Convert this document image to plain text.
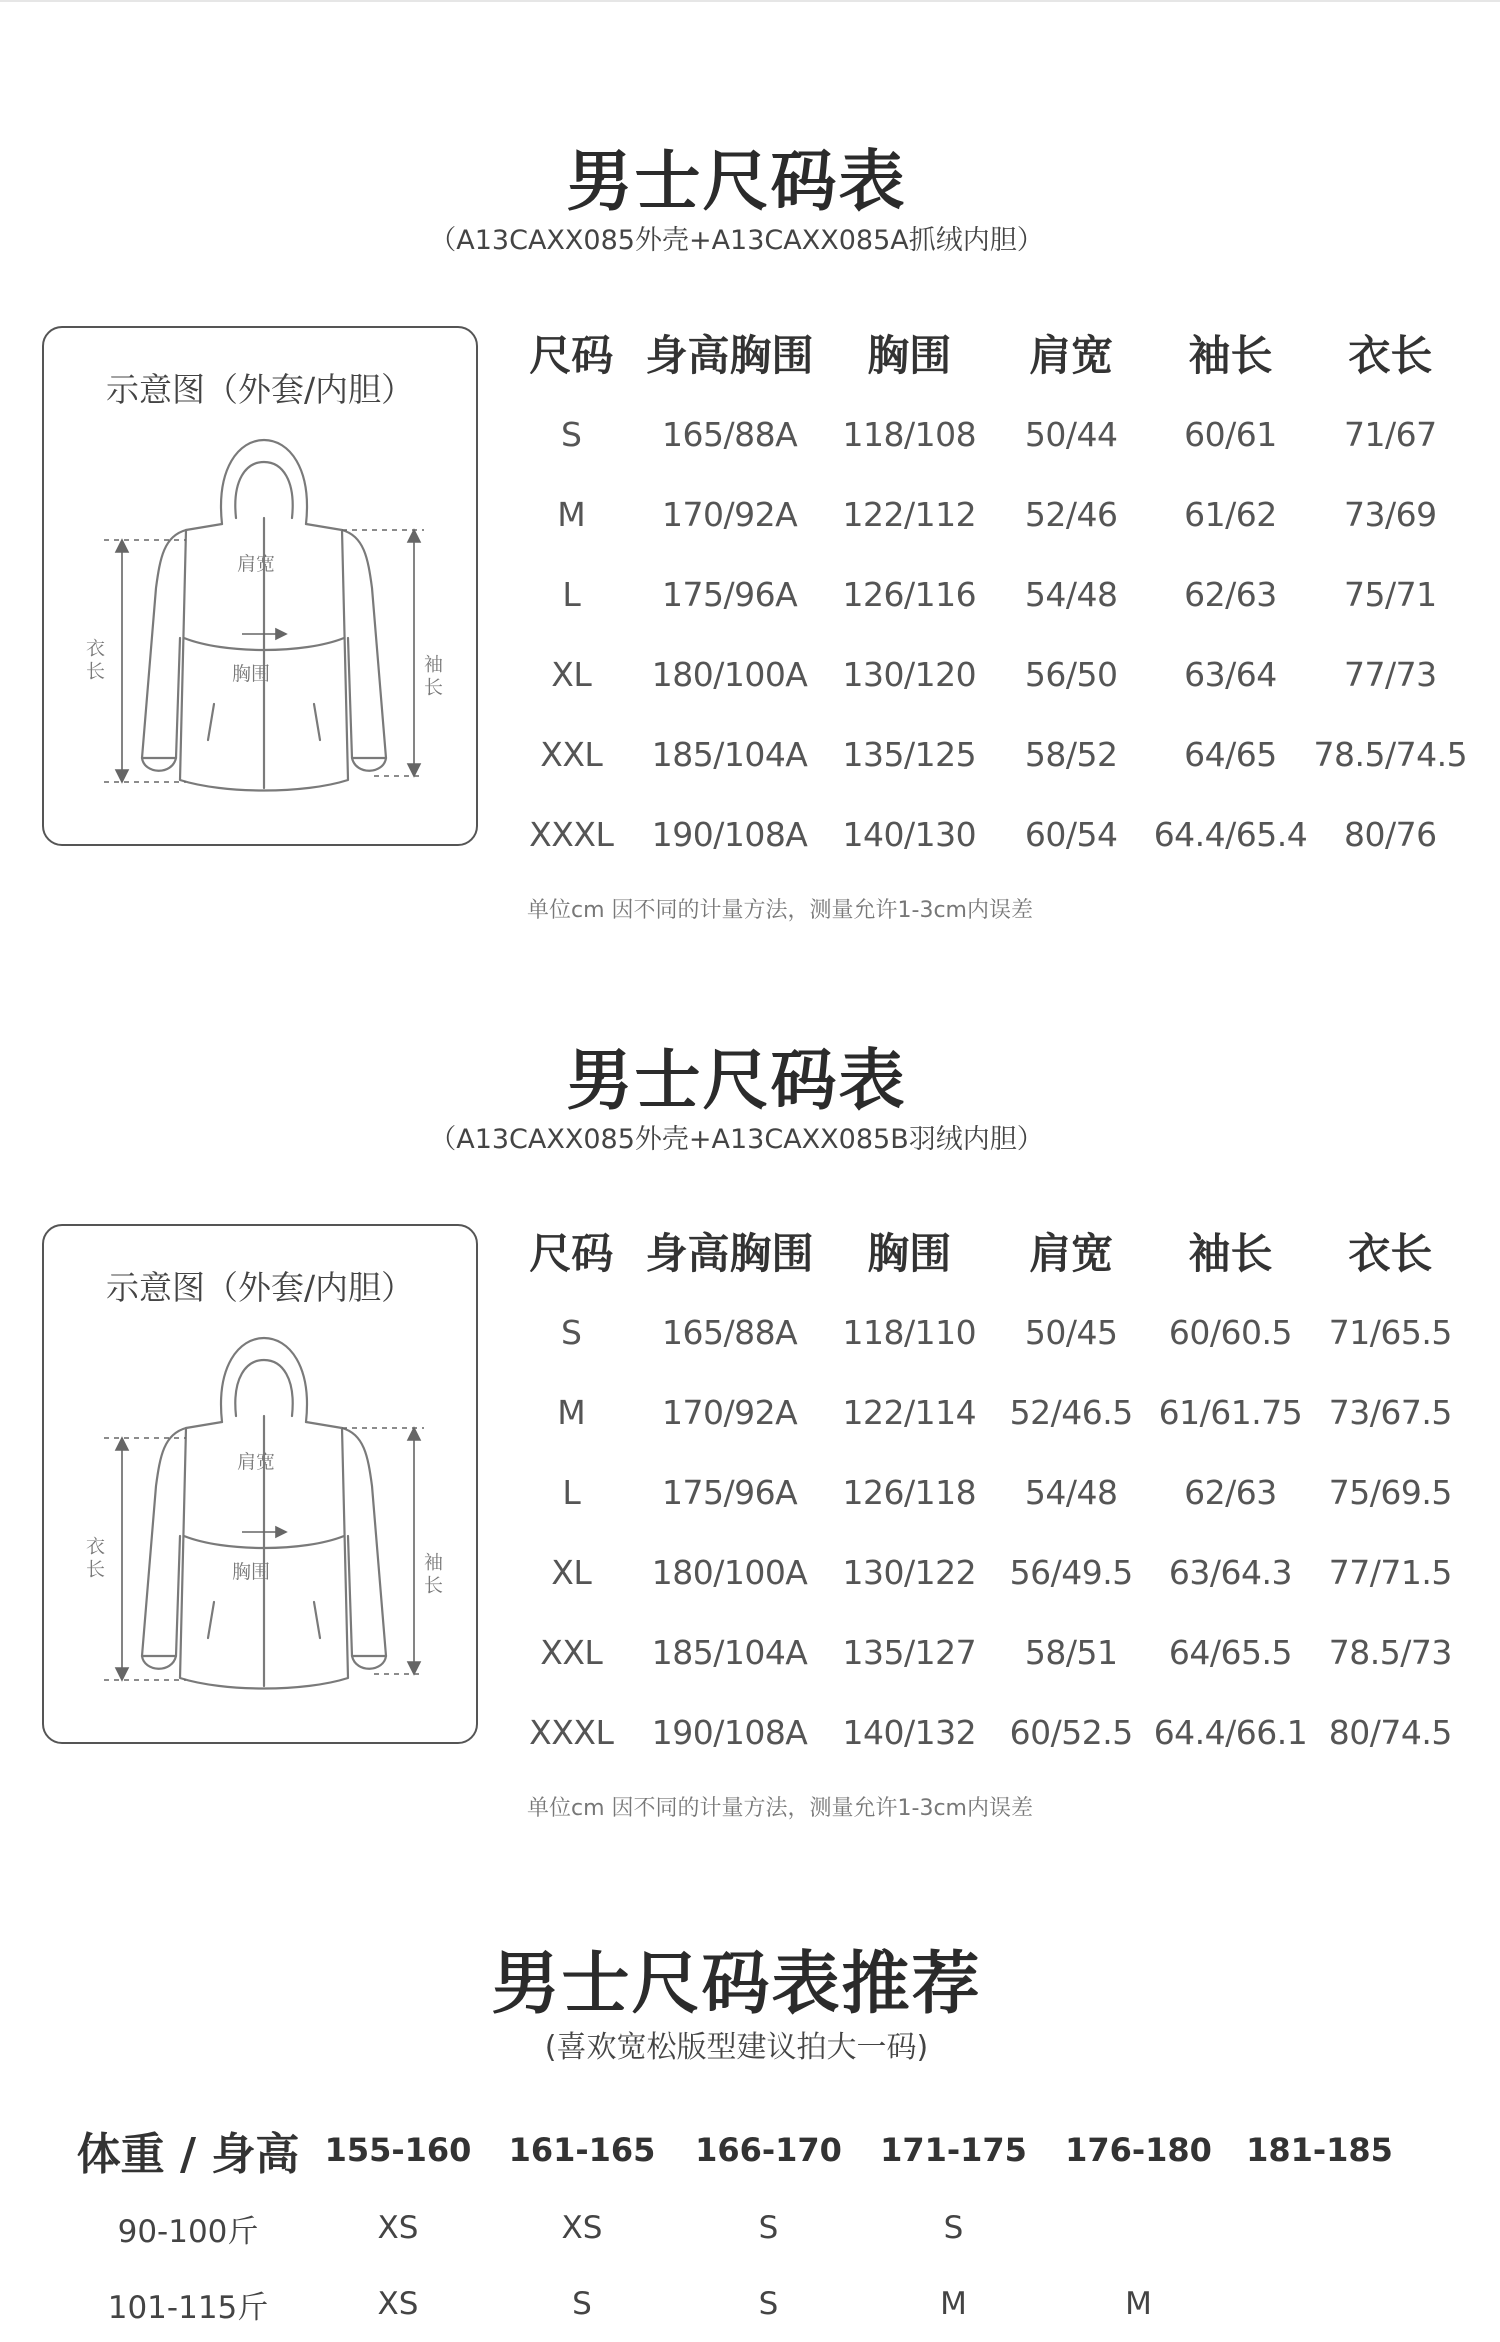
男士尺码表
（A13CAXX085外壳+A13CAXX085A抓绒内胆）
示意图（外套/内胆）
肩宽
胸围
衣长	袖长
尺码	身高胸围	胸围	肩宽	袖长	衣长
S	165/88A	118/108	50/44	60/61	71/67
M	170/92A	122/112	52/46	61/62	73/69
L	175/96A	126/116	54/48	62/63	75/71
XL	180/100A	130/120	56/50	63/64	77/73
XXL	185/104A	135/125	58/52	64/65	78.5/74.5
XXXL	190/108A	140/130	60/54	64.4/65.4	80/76
单位cm 因不同的计量方法，测量允许1-3cm内误差
男士尺码表
（A13CAXX085外壳+A13CAXX085B羽绒内胆）
示意图（外套/内胆）
肩宽
胸围
衣长	袖长
尺码	身高胸围	胸围	肩宽	袖长	衣长
S	165/88A	118/110	50/45	60/60.5	71/65.5
M	170/92A	122/114	52/46.5	61/61.75	73/67.5
L	175/96A	126/118	54/48	62/63	75/69.5
XL	180/100A	130/122	56/49.5	63/64.3	77/71.5
XXL	185/104A	135/127	58/51	64/65.5	78.5/73
XXXL	190/108A	140/132	60/52.5	64.4/66.1	80/74.5
单位cm 因不同的计量方法，测量允许1-3cm内误差
男士尺码表推荐
(喜欢宽松版型建议拍大一码)
体重 / 身高	155-160	161-165	166-170	171-175	176-180	181-185
90-100斤	XS	XS	S	S		
101-115斤	XS	S	S	M	M	
